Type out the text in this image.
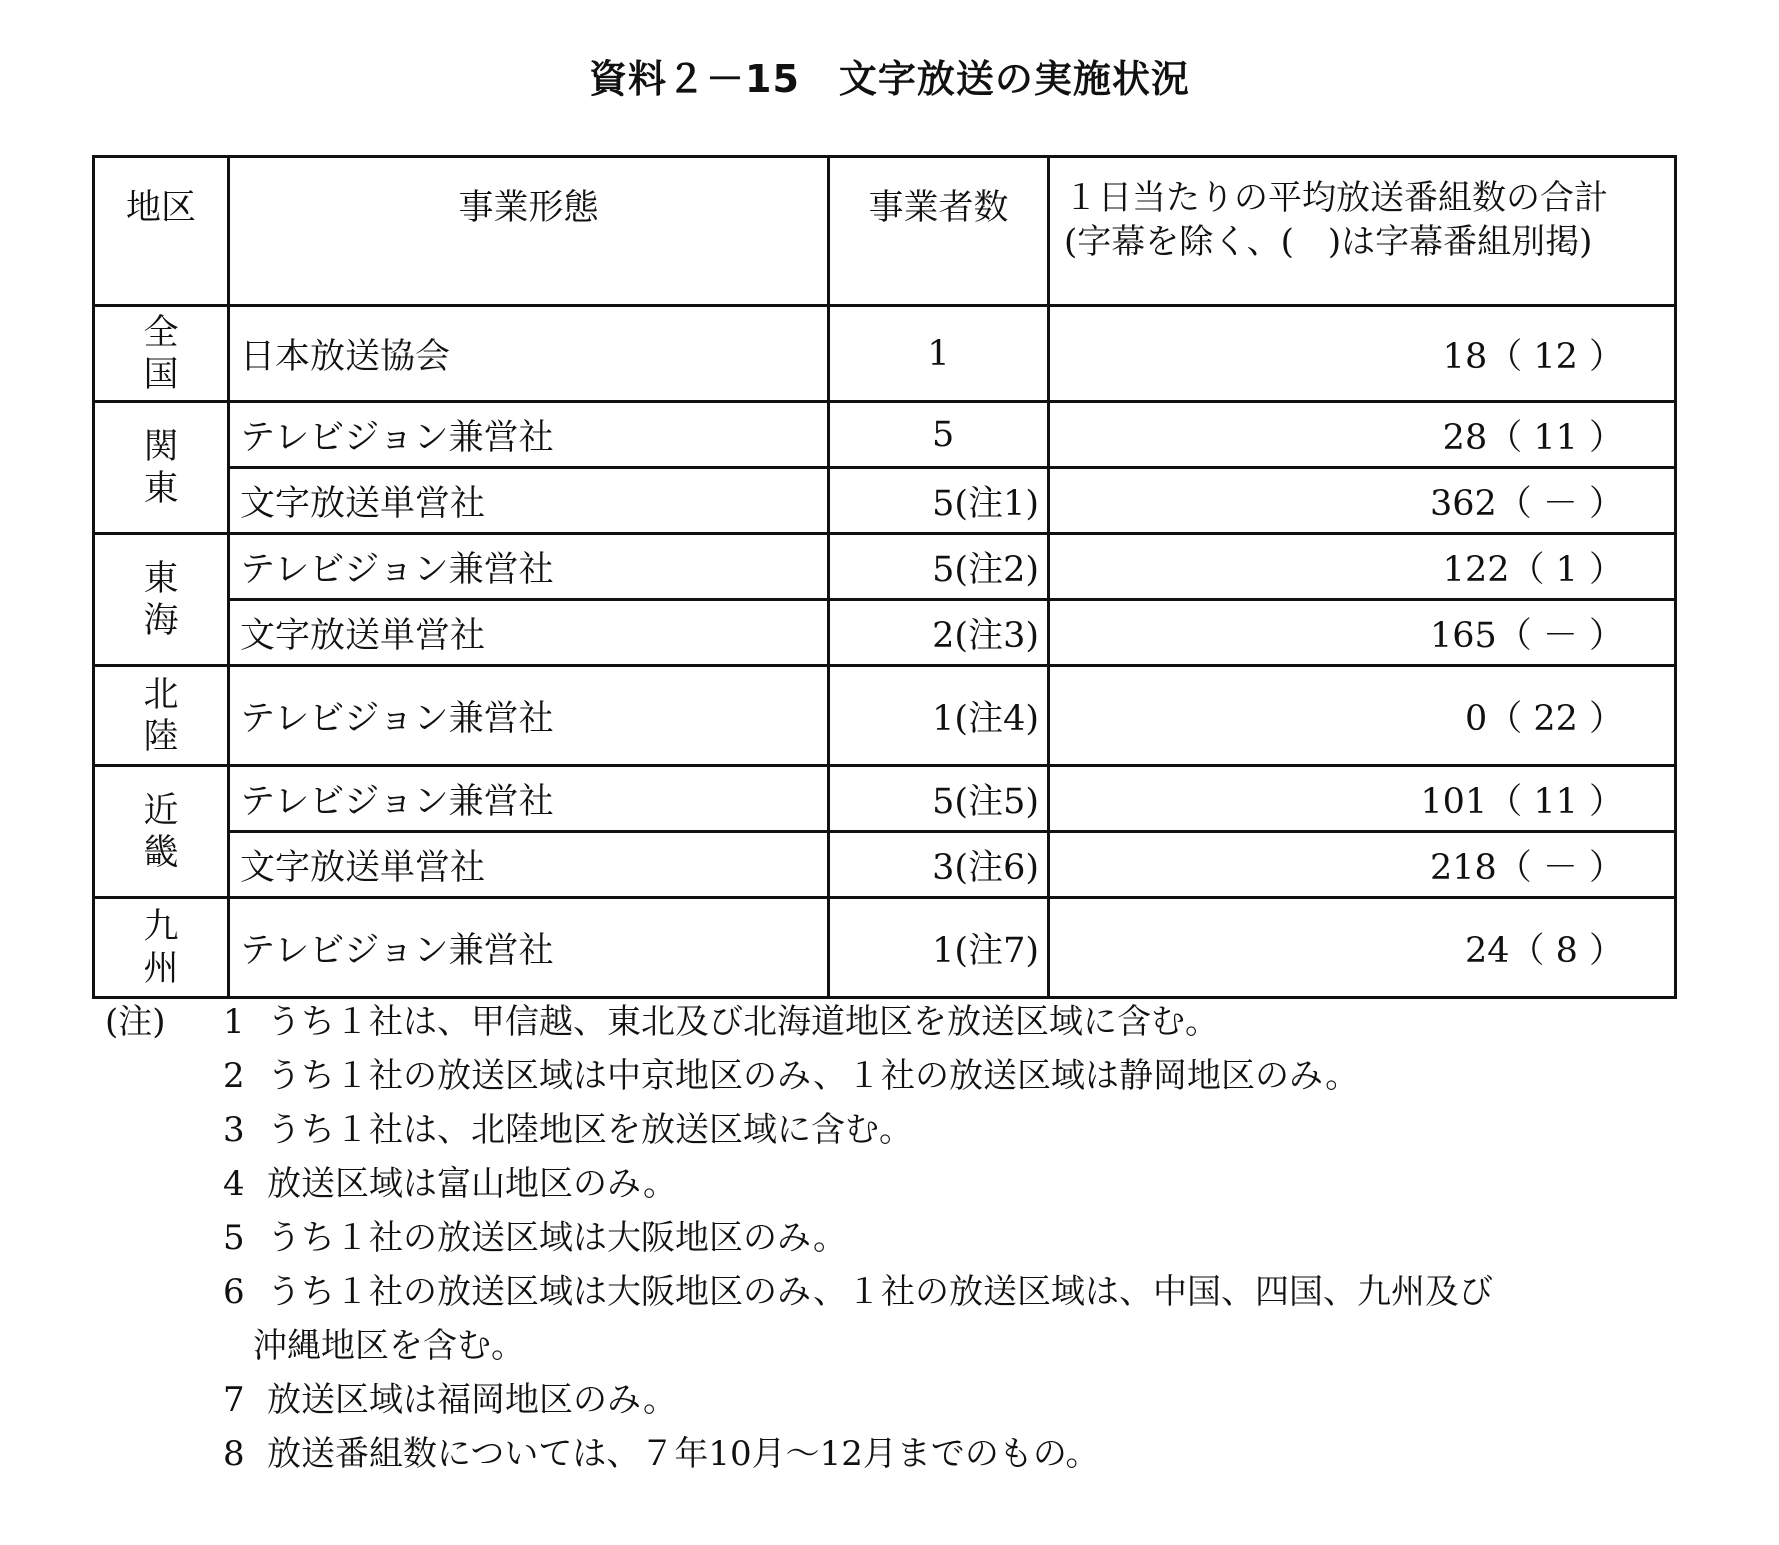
資料２－15　文字放送の実施状況
地区	事業形態	事業者数	１日当たりの平均放送番組数の合計
(字幕を除く、(　)は字幕番組別掲)

全
国	日本放送協会	1	18（ 12 ）

関
東	テレビジョン兼営社	5	28（ 11 ）
	文字放送単営社	5(注1)	362（ － ）

東
海	テレビジョン兼営社	5(注2)	122（ 1 ）
	文字放送単営社	2(注3)	165（ － ）

北
陸	テレビジョン兼営社	1(注4)	0（ 22 ）

近
畿	テレビジョン兼営社	5(注5)	101（ 11 ）
	文字放送単営社	3(注6)	218（ － ）

九
州	テレビジョン兼営社	1(注7)	24（ 8 ）
(注) 1 うち１社は、甲信越、東北及び北海道地区を放送区域に含む。
2 うち１社の放送区域は中京地区のみ、１社の放送区域は静岡地区のみ。
3 うち１社は、北陸地区を放送区域に含む。
4 放送区域は富山地区のみ。
5 うち１社の放送区域は大阪地区のみ。
6 うち１社の放送区域は大阪地区のみ、１社の放送区域は、中国、四国、九州及び
沖縄地区を含む。
7 放送区域は福岡地区のみ。
8 放送番組数については、７年10月～12月までのもの。
